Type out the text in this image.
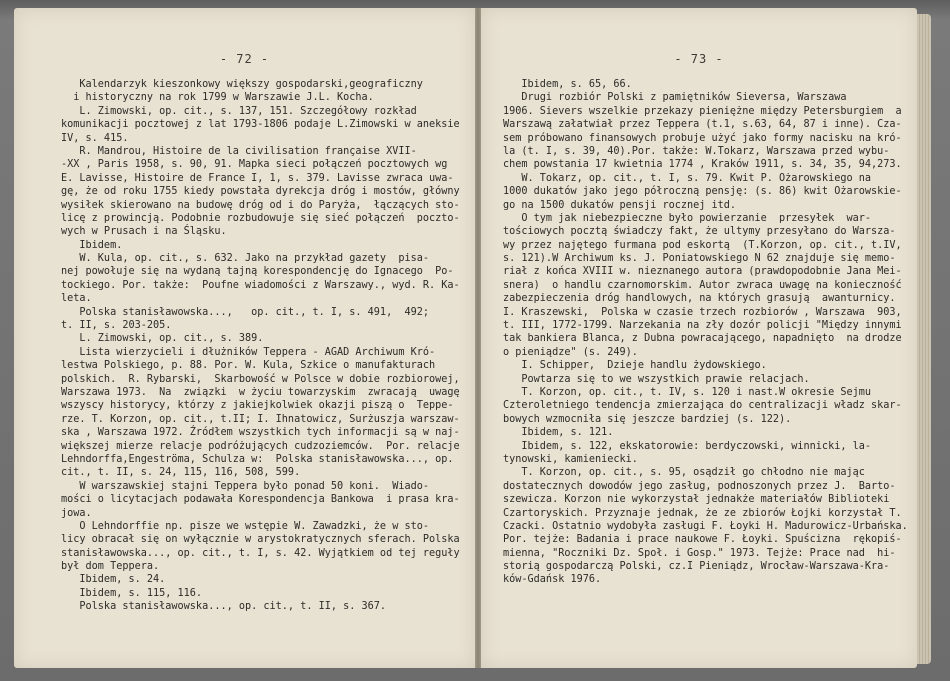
- 72 -
Kalendarzyk kieszonkowy większy gospodarski,geograficzny
i historyczny na rok 1799 w Warszawie J.L. Kocha.
L. Zimowski, op. cit., s. 137, 151. Szczegółowy rozkład
komunikacji pocztowej z lat 1793-1806 podaje L.Zimowski w aneksie
IV, s. 415.
R. Mandrou, Histoire de la civilisation française XVII-
-XX , Paris 1958, s. 90, 91. Mapka sieci połączeń pocztowych wg
E. Lavisse, Histoire de France I, 1, s. 379. Lavisse zwraca uwa-
gę, że od roku 1755 kiedy powstała dyrekcja dróg i mostów, główny
wysiłek skierowano na budowę dróg od i do Paryża,  łączących sto-
licę z prowincją. Podobnie rozbudowuje się sieć połączeń  poczto-
wych w Prusach i na Śląsku.
Ibidem.
W. Kula, op. cit., s. 632. Jako na przykład gazety  pisa-
nej powołuje się na wydaną tajną korespondencję do Ignacego  Po-
tockiego. Por. także:  Poufne wiadomości z Warszawy., wyd. R. Ka-
leta.
Polska stanisławowska...,   op. cit., t. I, s. 491,  492;
t. II, s. 203-205.
L. Zimowski, op. cit., s. 389.
Lista wierzycieli i dłużników Teppera - AGAD Archiwum Kró-
lestwa Polskiego, p. 88. Por. W. Kula, Szkice o manufakturach
polskich.  R. Rybarski,  Skarbowość w Polsce w dobie rozbiorowej,
Warszawa 1973.  Na  związki  w życiu towarzyskim  zwracają  uwagę
wszyscy historycy, którzy z jakiejkolwiek okazji piszą o  Teppe-
rze. T. Korzon, op. cit., t.II; I. Ihnatowicz, Surżuszja warszaw-
ska , Warszawa 1972. Źródłem wszystkich tych informacji są w naj-
większej mierze relacje podróżujących cudzoziemców.  Por. relacje
Lehndorffa,Engeströma, Schulza w:  Polska stanisławowska..., op.
cit., t. II, s. 24, 115, 116, 508, 599.
W warszawskiej stajni Teppera było ponad 50 koni.  Wiado-
mości o licytacjach podawała Korespondencja Bankowa  i prasa kra-
jowa.
O Lehndorffie np. pisze we wstępie W. Zawadzki, że w sto-
licy obracał się on wyłącznie w arystokratycznych sferach. Polska
stanisławowska..., op. cit., t. I, s. 42. Wyjątkiem od tej reguły
był dom Teppera.
Ibidem, s. 24.
Ibidem, s. 115, 116.
Polska stanisławowska..., op. cit., t. II, s. 367.
- 73 -
Ibidem, s. 65, 66.
Drugi rozbiór Polski z pamiętników Sieversa, Warszawa
1906. Sievers wszelkie przekazy pieniężne między Petersburgiem  a
Warszawą załatwiał przez Teppera (t.1, s.63, 64, 87 i inne). Cza-
sem próbowano finansowych probuje użyć jako formy nacisku na kró-
la (t. I, s. 39, 40).Por. także: W.Tokarz, Warszawa przed wybu-
chem powstania 17 kwietnia 1774 , Kraków 1911, s. 34, 35, 94,273.
W. Tokarz, op. cit., t. I, s. 79. Kwit P. Ożarowskiego na
1000 dukatów jako jego półroczną pensję: (s. 86) kwit Ożarowskie-
go na 1500 dukatów pensji rocznej itd.
O tym jak niebezpieczne było powierzanie  przesyłek  war-
tościowych pocztą świadczy fakt, że ultymy przesyłano do Warsza-
wy przez najętego furmana pod eskortą  (T.Korzon, op. cit., t.IV,
s. 121).W Archiwum ks. J. Poniatowskiego N 62 znajduje się memo-
riał z końca XVIII w. nieznanego autora (prawdopodobnie Jana Mei-
snera)  o handlu czarnomorskim. Autor zwraca uwagę na konieczność
zabezpieczenia dróg handlowych, na których grasują  awanturnicy.
I. Kraszewski,  Polska w czasie trzech rozbiorów , Warszawa  903,
t. III, 1772-1799. Narzekania na zły dozór policji "Między innymi
tak bankiera Blanca, z Dubna powracającego, napadnięto  na drodze
o pieniądze" (s. 249).
I. Schipper,  Dzieje handlu żydowskiego.
Powtarza się to we wszystkich prawie relacjach.
T. Korzon, op. cit., t. IV, s. 120 i nast.W okresie Sejmu
Czteroletniego tendencja zmierzająca do centralizacji władz skar-
bowych wzmocniła się jeszcze bardziej (s. 122).
Ibidem, s. 121.
Ibidem, s. 122, ekskatorowie: berdyczowski, winnicki, la-
tynowski, kamieniecki.
T. Korzon, op. cit., s. 95, osądził go chłodno nie mając
dostatecznych dowodów jego zasług, podnoszonych przez J.  Barto-
szewicza. Korzon nie wykorzystał jednakże materiałów Biblioteki
Czartoryskich. Przyznaje jednak, że ze zbiorów Łojki korzystał T.
Czacki. Ostatnio wydobyła zasługi F. Łoyki H. Madurowicz-Urbańska.
Por. tejże: Badania i prace naukowe F. Łoyki. Spuścizna  rękopiś-
mienna, "Roczniki Dz. Społ. i Gosp." 1973. Tejże: Prace nad  hi-
storią gospodarczą Polski, cz.I Pieniądz, Wrocław-Warszawa-Kra-
ków-Gdańsk 1976.
